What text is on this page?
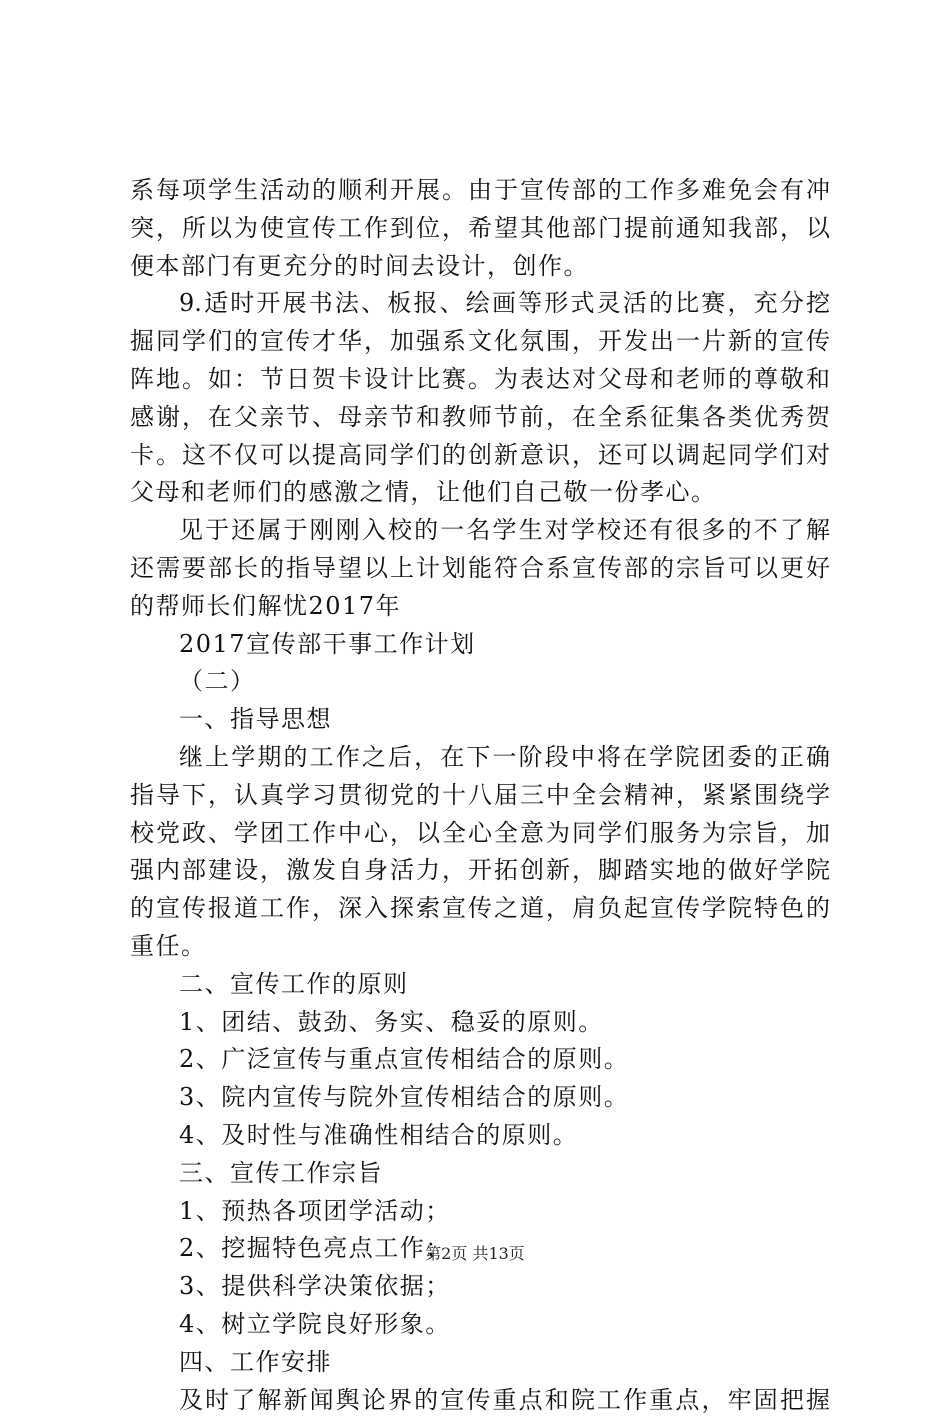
系每项学生活动的顺利开展。由于宣传部的工作多难免会有冲
突，所以为使宣传工作到位，希望其他部门提前通知我部，以
便本部门有更充分的时间去设计，创作。
9.适时开展书法、板报、绘画等形式灵活的比赛，充分挖
掘同学们的宣传才华，加强系文化氛围，开发出一片新的宣传
阵地。如：节日贺卡设计比赛。为表达对父母和老师的尊敬和
感谢，在父亲节、母亲节和教师节前，在全系征集各类优秀贺
卡。这不仅可以提高同学们的创新意识，还可以调起同学们对
父母和老师们的感激之情，让他们自己敬一份孝心。
见于还属于刚刚入校的一名学生对学校还有很多的不了解
还需要部长的指导望以上计划能符合系宣传部的宗旨可以更好
的帮师长们解忧2017年
2017宣传部干事工作计划
（二）
一、指导思想
继上学期的工作之后，在下一阶段中将在学院团委的正确
指导下，认真学习贯彻党的十八届三中全会精神，紧紧围绕学
校党政、学团工作中心，以全心全意为同学们服务为宗旨，加
强内部建设，激发自身活力，开拓创新，脚踏实地的做好学院
的宣传报道工作，深入探索宣传之道，肩负起宣传学院特色的
重任。
二、宣传工作的原则
1、团结、鼓劲、务实、稳妥的原则。
2、广泛宣传与重点宣传相结合的原则。
3、院内宣传与院外宣传相结合的原则。
4、及时性与准确性相结合的原则。
三、宣传工作宗旨
1、预热各项团学活动；
2、挖掘特色亮点工作；
3、提供科学决策依据；
4、树立学院良好形象。
四、工作安排
及时了解新闻舆论界的宣传重点和院工作重点，牢固把握
第2页 共13页
